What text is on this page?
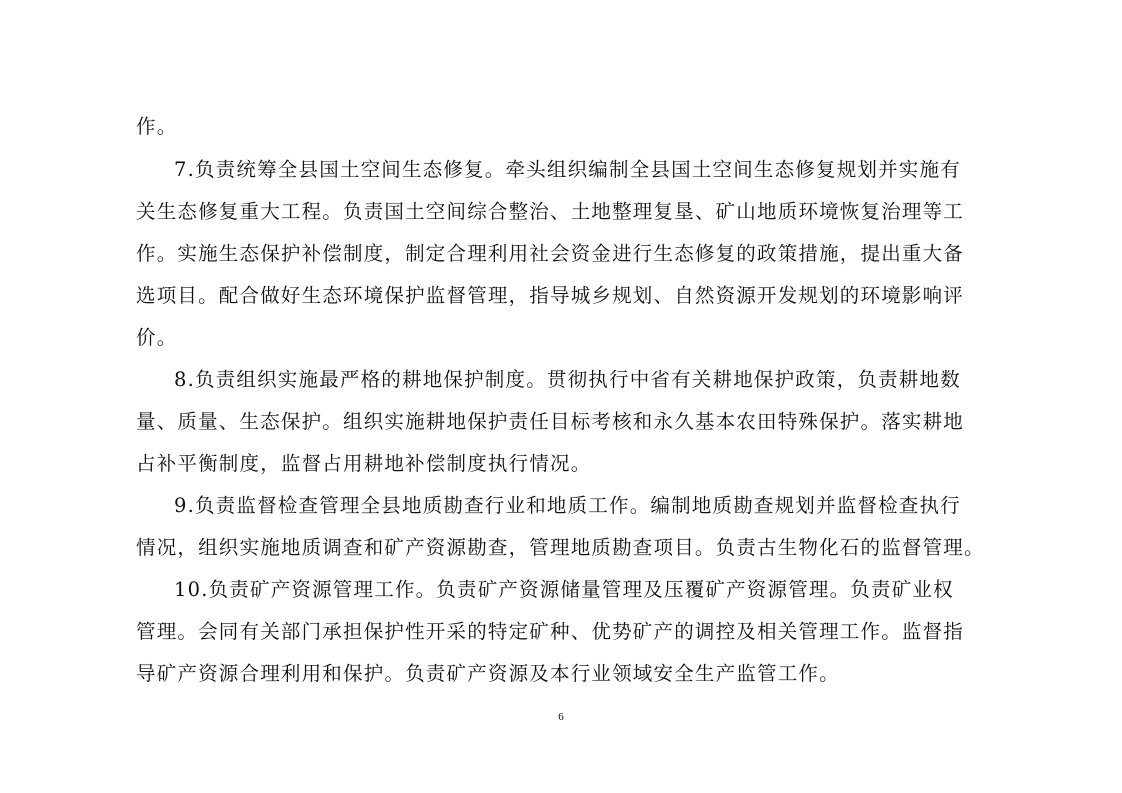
作。
7.负责统筹全县国土空间生态修复。牵头组织编制全县国土空间生态修复规划并实施有
关生态修复重大工程。负责国土空间综合整治、土地整理复垦、矿山地质环境恢复治理等工
作。实施生态保护补偿制度，制定合理利用社会资金进行生态修复的政策措施，提出重大备
选项目。配合做好生态环境保护监督管理，指导城乡规划、自然资源开发规划的环境影响评
价。
8.负责组织实施最严格的耕地保护制度。贯彻执行中省有关耕地保护政策，负责耕地数
量、质量、生态保护。组织实施耕地保护责任目标考核和永久基本农田特殊保护。落实耕地
占补平衡制度，监督占用耕地补偿制度执行情况。
9.负责监督检查管理全县地质勘查行业和地质工作。编制地质勘查规划并监督检查执行
情况，组织实施地质调查和矿产资源勘查，管理地质勘查项目。负责古生物化石的监督管理。
10.负责矿产资源管理工作。负责矿产资源储量管理及压覆矿产资源管理。负责矿业权
管理。会同有关部门承担保护性开采的特定矿种、优势矿产的调控及相关管理工作。监督指
导矿产资源合理利用和保护。负责矿产资源及本行业领域安全生产监管工作。
6
